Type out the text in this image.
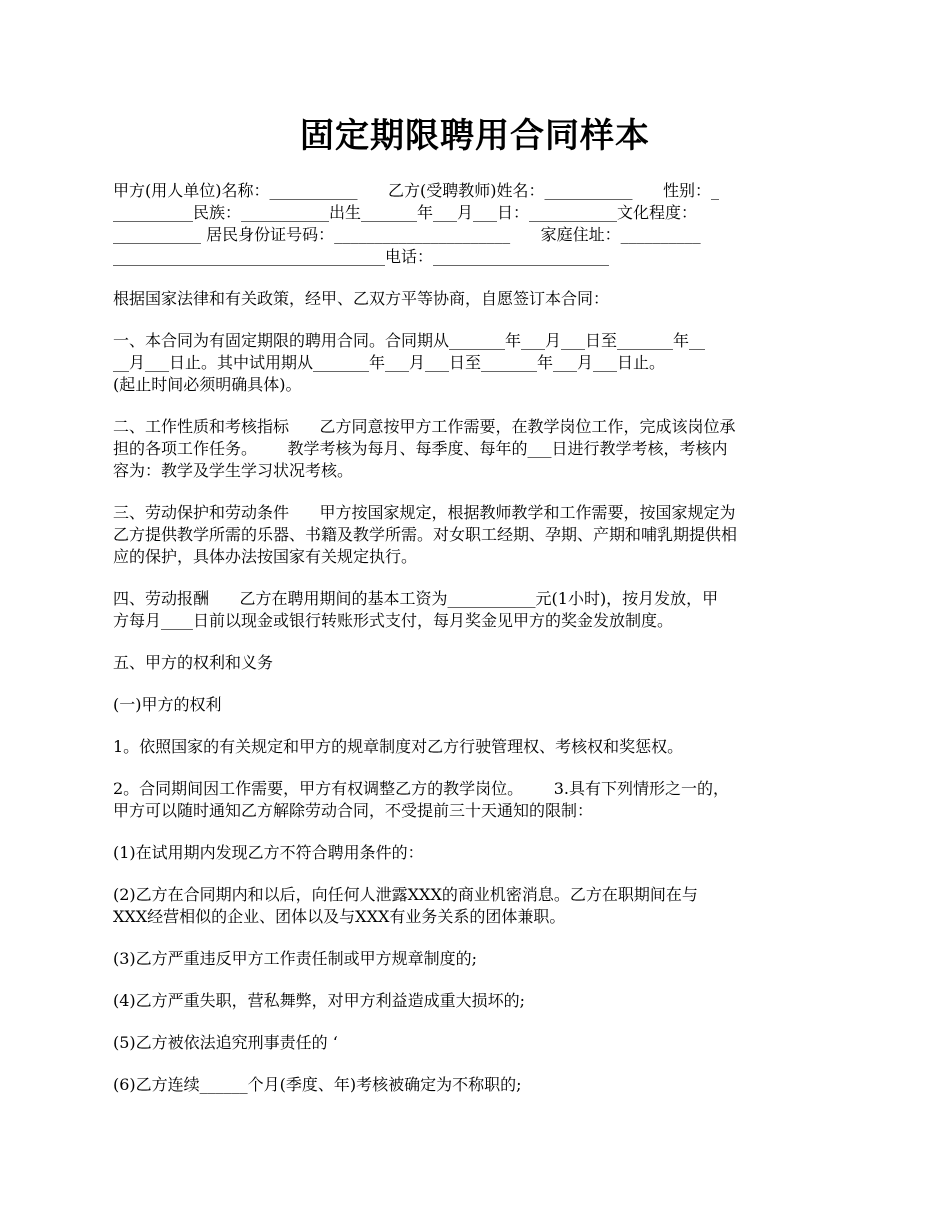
固定期限聘用合同样本
甲方(用人单位)名称：___________      乙方(受聘教师)姓名：___________      性别：_
__________民族：___________出生_______年___月___日：___________文化程度：
___________ 居民身份证号码：______________________      家庭住址：__________
__________________________________电话：______________________
根据国家法律和有关政策，经甲、乙双方平等协商，自愿签订本合同：
一、本合同为有固定期限的聘用合同。合同期从_______年___月___日至_______年__
__月___日止。其中试用期从_______年___月___日至_______年___月___日止。
(起止时间必须明确具体)。
二、工作性质和考核指标      乙方同意按甲方工作需要，在教学岗位工作，完成该岗位承
担的各项工作任务。      教学考核为每月、每季度、每年的___日进行教学考核，考核内
容为：教学及学生学习状况考核。
三、劳动保护和劳动条件      甲方按国家规定，根据教师教学和工作需要，按国家规定为
乙方提供教学所需的乐器、书籍及教学所需。对女职工经期、孕期、产期和哺乳期提供相
应的保护，具体办法按国家有关规定执行。
四、劳动报酬      乙方在聘用期间的基本工资为___________元(1小时)，按月发放，甲
方每月____日前以现金或银行转账形式支付，每月奖金见甲方的奖金发放制度。
五、甲方的权利和义务
(一)甲方的权利
1。依照国家的有关规定和甲方的规章制度对乙方行驶管理权、考核权和奖惩权。
2。合同期间因工作需要，甲方有权调整乙方的教学岗位。      3.具有下列情形之一的，
甲方可以随时通知乙方解除劳动合同，不受提前三十天通知的限制：
(1)在试用期内发现乙方不符合聘用条件的：
(2)乙方在合同期内和以后，向任何人泄露XXX的商业机密消息。乙方在职期间在与
XXX经营相似的企业、团体以及与XXX有业务关系的团体兼职。
(3)乙方严重违反甲方工作责任制或甲方规章制度的;
(4)乙方严重失职，营私舞弊，对甲方利益造成重大损坏的;
(5)乙方被依法追究刑事责任的 ‘
(6)乙方连续______个月(季度、年)考核被确定为不称职的;
